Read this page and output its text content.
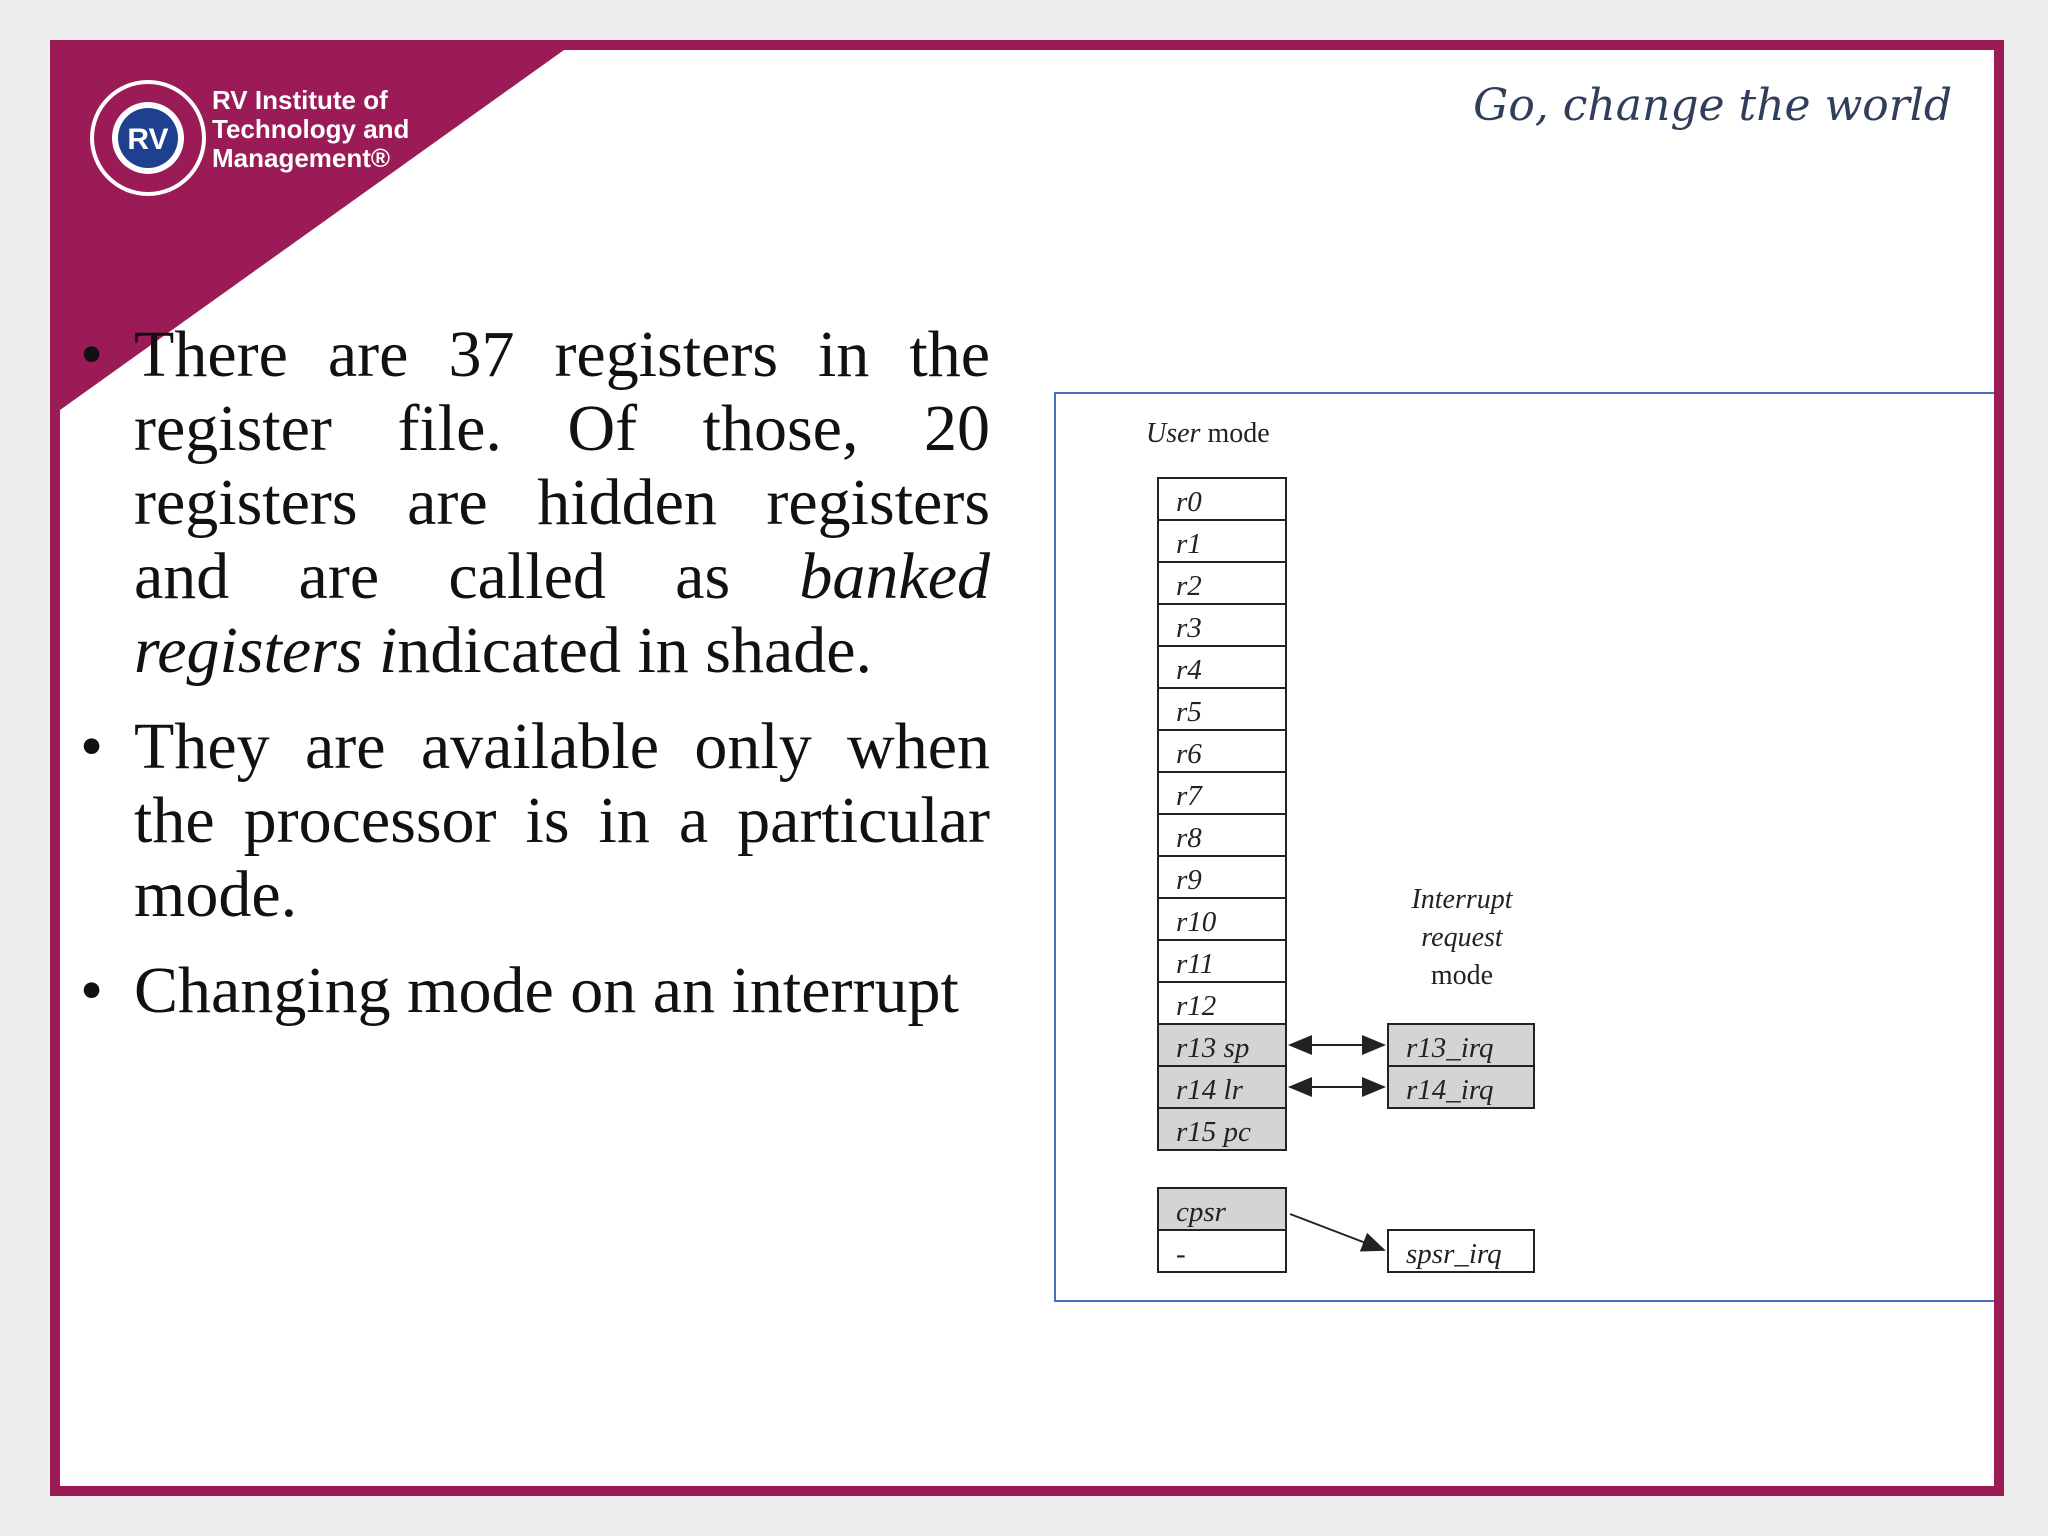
RV
RV Institute of
Technology and
Management®
Go, change the world
• There are 37 registers in the register file. Of those, 20 registers are hidden registers and are called as banked registers indicated in shade.
• They are available only when the processor is in a particular mode.
• Changing mode on an interrupt
User mode
r0
r1
r2
r3
r4
r5
r6
r7
r8
r9
r10
r11
r12
r13 sp
r14 lr
r15 pc
Interrupt
request
mode
r13_irq
r14_irq
cpsr
-	spsr_irq
